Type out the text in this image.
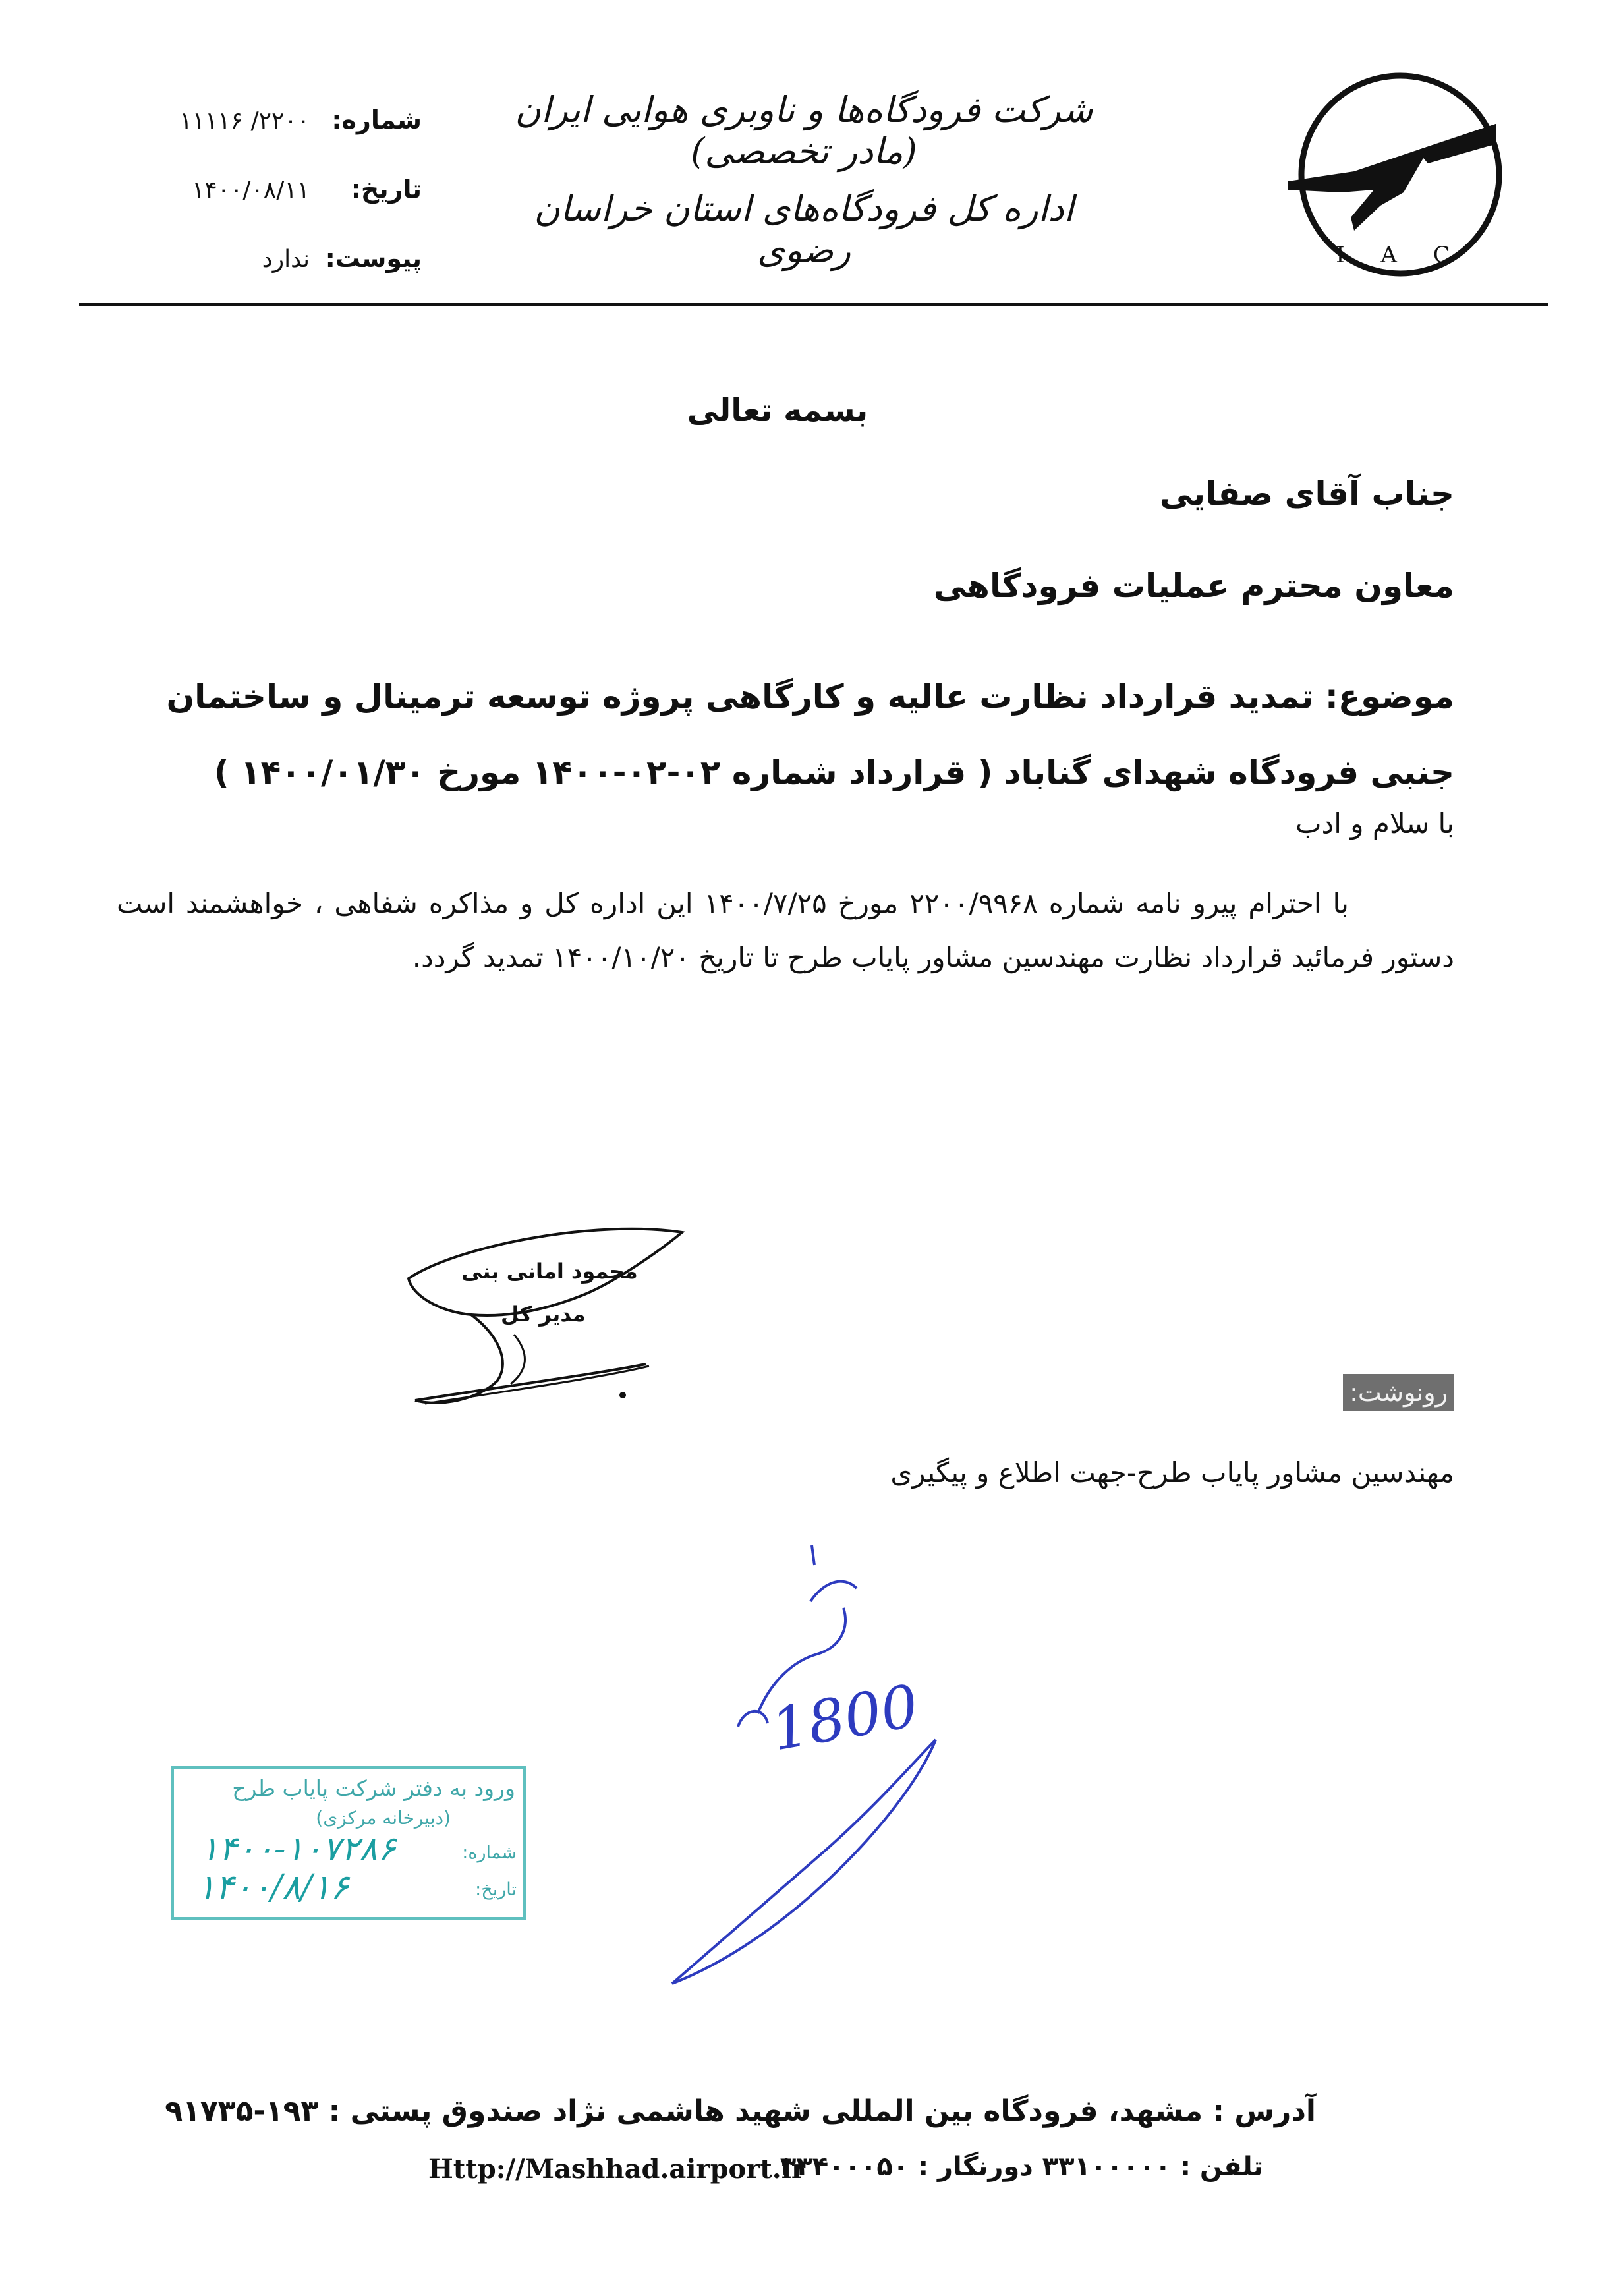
I A C
شرکت فرودگاه‌ها و ناوبری هوایی ایران (مادر تخصصی)
اداره کل فرودگاه‌های استان خراسان رضوی
شماره:
۲۲۰۰/ ۱۱۱۱۶
تاریخ:
۱۴۰۰/۰۸/۱۱
پیوست:
ندارد
بسمه تعالی
جناب آقای صفایی
معاون محترم عملیات فرودگاهی
موضوع: تمدید قرارداد نظارت عالیه و کارگاهی پروژه توسعه ترمینال و ساختمان جنبی فرودگاه شهدای گناباد ( قرارداد شماره ۰۲-۰۲-۱۴۰۰ مورخ ۱۴۰۰/۰۱/۳۰ )
با سلام و ادب
با احترام پیرو نامه شماره ۲۲۰۰/۹۹۶۸ مورخ ۱۴۰۰/۷/۲۵ این اداره کل و مذاکره شفاهی ، خواهشمند است دستور فرمائید قرارداد نظارت مهندسین مشاور پایاب طرح تا تاریخ ۱۴۰۰/۱۰/۲۰ تمدید گردد.
محمود امانی بنی
مدیر کل
رونوشت:
مهندسین مشاور پایاب طرح-جهت اطلاع و پیگیری
1800
ورود به دفتر شرکت پایاب طرح
(دبیرخانه مرکزی)
شماره:
تاریخ:
۱۴۰۰-۱۰۷۲۸۶
۱۴۰۰/۸/۱۶
آدرس : مشهد، فرودگاه بین المللی شهید هاشمی نژاد صندوق پستی : ۱۹۳-۹۱۷۳۵
تلفن : ۳۳۱۰۰۰۰۰ دورنگار : ۳۳۴۰۰۰۵۰
Http://Mashhad.airport.ir
